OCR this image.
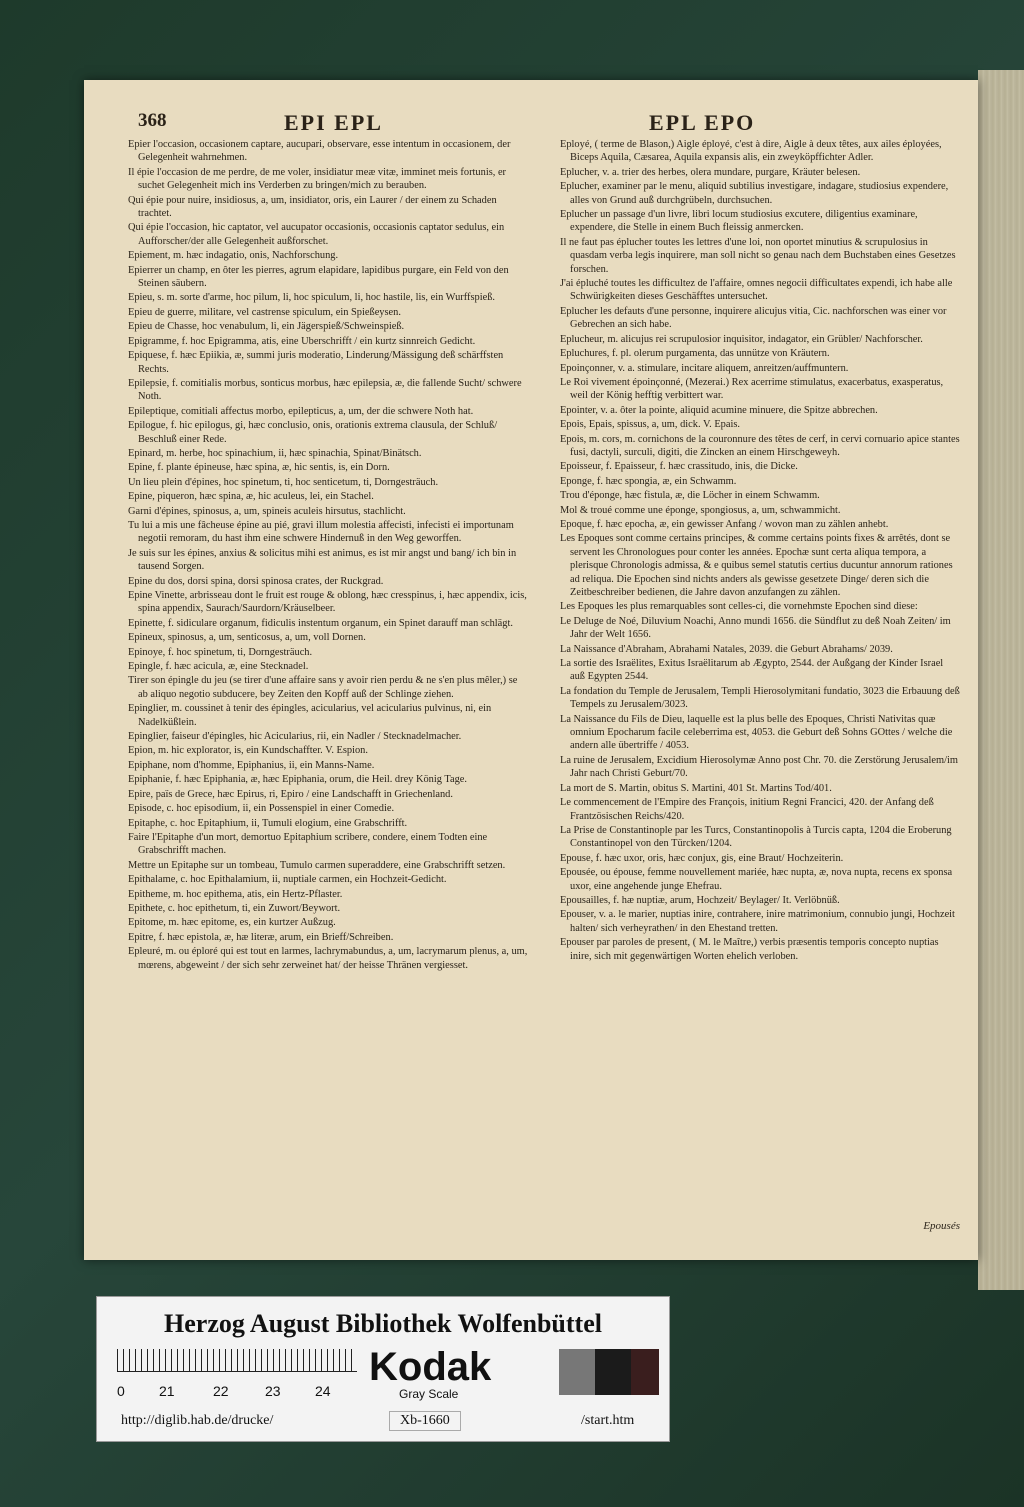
368	EPI EPL	EPL EPO
Epier l'occasion, occasionem captare, aucupari, observare, esse intentum in occasionem, der Gelegenheit wahrnehmen.
Il épie l'occasion de me perdre, de me voler, insidiatur meæ vitæ, imminet meis fortunis, er suchet Gelegenheit mich ins Verderben zu bringen/mich zu berauben.
Qui épie pour nuire, insidiosus, a, um, insidiator, oris, ein Laurer / der einem zu Schaden trachtet.
Qui épie l'occasion, hic captator, vel aucupator occasionis, occasionis captator sedulus, ein Aufforscher/der alle Gelegenheit außforschet.
Epiement, m. hæc indagatio, onis, Nachforschung.
Epierrer un champ, en ôter les pierres, agrum elapidare, lapidibus purgare, ein Feld von den Steinen säubern.
Epieu, s. m. sorte d'arme, hoc pilum, li, hoc spiculum, li, hoc hastile, lis, ein Wurffspieß.
Epieu de guerre, militare, vel castrense spiculum, ein Spießeysen.
Epieu de Chasse, hoc venabulum, li, ein Jägerspieß/Schweinspieß.
Epigramme, f. hoc Epigramma, atis, eine Uberschrifft / ein kurtz sinnreich Gedicht.
Epiquese, f. hæc Epiikia, æ, summi juris moderatio, Linderung/Mässigung deß schärffsten Rechts.
Epilepsie, f. comitialis morbus, sonticus morbus, hæc epilepsia, æ, die fallende Sucht/ schwere Noth.
Epileptique, comitiali affectus morbo, epilepticus, a, um, der die schwere Noth hat.
Epilogue, f. hic epilogus, gi, hæc conclusio, onis, orationis extrema clausula, der Schluß/ Beschluß einer Rede.
Epinard, m. herbe, hoc spinachium, ii, hæc spinachia, Spinat/Binätsch.
Epine, f. plante épineuse, hæc spina, æ, hic sentis, is, ein Dorn.
Un lieu plein d'épines, hoc spinetum, ti, hoc senticetum, ti, Dorngesträuch.
Epine, piqueron, hæc spina, æ, hic aculeus, lei, ein Stachel.
Garni d'épines, spinosus, a, um, spineis aculeis hirsutus, stachlicht.
Tu lui a mis une fâcheuse épine au pié, gravi illum molestia affecisti, infecisti ei importunam negotii remoram, du hast ihm eine schwere Hindernuß in den Weg geworffen.
Je suis sur les épines, anxius & solicitus mihi est animus, es ist mir angst und bang/ ich bin in tausend Sorgen.
Epine du dos, dorsi spina, dorsi spinosa crates, der Ruckgrad.
Epine Vinette, arbrisseau dont le fruit est rouge & oblong, hæc cresspinus, i, hæc appendix, icis, spina appendix, Saurach/Saurdorn/Kräuselbeer.
Epinette, f. sidiculare organum, fidiculis instentum organum, ein Spinet darauff man schlägt.
Epineux, spinosus, a, um, senticosus, a, um, voll Dornen.
Epinoye, f. hoc spinetum, ti, Dorngesträuch.
Epingle, f. hæc acicula, æ, eine Stecknadel.
Tirer son épingle du jeu (se tirer d'une affaire sans y avoir rien perdu & ne s'en plus mêler,) se ab aliquo negotio subducere, bey Zeiten den Kopff auß der Schlinge ziehen.
Epinglier, m. coussinet à tenir des épingles, acicularius, vel acicularius pulvinus, ni, ein Nadelküßlein.
Epinglier, faiseur d'épingles, hic Acicularius, rii, ein Nadler / Stecknadelmacher.
Epion, m. hic explorator, is, ein Kundschaffter. V. Espion.
Epiphane, nom d'homme, Epiphanius, ii, ein Manns-Name.
Epiphanie, f. hæc Epiphania, æ, hæc Epiphania, orum, die Heil. drey König Tage.
Epire, païs de Grece, hæc Epirus, ri, Epiro / eine Landschafft in Griechenland.
Episode, c. hoc episodium, ii, ein Possenspiel in einer Comedie.
Epitaphe, c. hoc Epitaphium, ii, Tumuli elogium, eine Grabschrifft.
Faire l'Epitaphe d'un mort, demortuo Epitaphium scribere, condere, einem Todten eine Grabschrifft machen.
Mettre un Epitaphe sur un tombeau, Tumulo carmen superaddere, eine Grabschrifft setzen.
Epithalame, c. hoc Epithalamium, ii, nuptiale carmen, ein Hochzeit-Gedicht.
Epitheme, m. hoc epithema, atis, ein Hertz-Pflaster.
Epithete, c. hoc epithetum, ti, ein Zuwort/Beywort.
Epitome, m. hæc epitome, es, ein kurtzer Außzug.
Epitre, f. hæc epistola, æ, hæ literæ, arum, ein Brieff/Schreiben.
Epleuré, m. ou éploré qui est tout en larmes, lachrymabundus, a, um, lacrymarum plenus, a, um, mœrens, abgeweint / der sich sehr zerweinet hat/ der heisse Thränen vergiesset.
Eployé, ( terme de Blason,) Aigle éployé, c'est à dire, Aigle à deux têtes, aux ailes éployées, Biceps Aquila, Cæsarea, Aquila expansis alis, ein zweyköpffichter Adler.
Eplucher, v. a. trier des herbes, olera mundare, purgare, Kräuter belesen.
Eplucher, examiner par le menu, aliquid subtilius investigare, indagare, studiosius expendere, alles von Grund auß durchgrübeln, durchsuchen.
Eplucher un passage d'un livre, libri locum studiosius excutere, diligentius examinare, expendere, die Stelle in einem Buch fleissig anmercken.
Il ne faut pas éplucher toutes les lettres d'une loi, non oportet minutius & scrupulosius in quasdam verba legis inquirere, man soll nicht so genau nach dem Buchstaben eines Gesetzes forschen.
J'ai épluché toutes les difficultez de l'affaire, omnes negocii difficultates expendi, ich habe alle Schwürigkeiten dieses Geschäfftes untersuchet.
Eplucher les defauts d'une personne, inquirere alicujus vitia, Cic. nachforschen was einer vor Gebrechen an sich habe.
Eplucheur, m. alicujus rei scrupulosior inquisitor, indagator, ein Grübler/ Nachforscher.
Epluchures, f. pl. olerum purgamenta, das unnütze von Kräutern.
Epoinçonner, v. a. stimulare, incitare aliquem, anreitzen/auffmuntern.
Le Roi vivement époinçonné, (Mezerai.) Rex acerrime stimulatus, exacerbatus, exasperatus, weil der König hefftig verbittert war.
Epointer, v. a. ôter la pointe, aliquid acumine minuere, die Spitze abbrechen.
Epois, Epais, spissus, a, um, dick. V. Epais.
Epois, m. cors, m. cornichons de la couronnure des têtes de cerf, in cervi cornuario apice stantes fusi, dactyli, surculi, digiti, die Zincken an einem Hirschgeweyh.
Epoisseur, f. Epaisseur, f. hæc crassitudo, inis, die Dicke.
Eponge, f. hæc spongia, æ, ein Schwamm.
Trou d'éponge, hæc fistula, æ, die Löcher in einem Schwamm.
Mol & troué comme une éponge, spongiosus, a, um, schwammicht.
Epoque, f. hæc epocha, æ, ein gewisser Anfang / wovon man zu zählen anhebt.
Les Epoques sont comme certains principes, & comme certains points fixes & arrêtés, dont se servent les Chronologues pour conter les années. Epochæ sunt certa aliqua tempora, a plerisque Chronologis admissa, & e quibus semel statutis certius ducuntur annorum rationes ad reliqua. Die Epochen sind nichts anders als gewisse gesetzete Dinge/ deren sich die Zeitbeschreiber bedienen, die Jahre davon anzufangen zu zählen.
Les Epoques les plus remarquables sont celles-ci, die vornehmste Epochen sind diese:
Le Deluge de Noé, Diluvium Noachi, Anno mundi 1656. die Sündflut zu deß Noah Zeiten/ im Jahr der Welt 1656.
La Naissance d'Abraham, Abrahami Natales, 2039. die Geburt Abrahams/ 2039.
La sortie des Israëlites, Exitus Israëlitarum ab Ægypto, 2544. der Außgang der Kinder Israel auß Egypten 2544.
La fondation du Temple de Jerusalem, Templi Hierosolymitani fundatio, 3023 die Erbauung deß Tempels zu Jerusalem/3023.
La Naissance du Fils de Dieu, laquelle est la plus belle des Epoques, Christi Nativitas quæ omnium Epocharum facile celeberrima est, 4053. die Geburt deß Sohns GOttes / welche die andern alle übertriffe / 4053.
La ruine de Jerusalem, Excidium Hierosolymæ Anno post Chr. 70. die Zerstörung Jerusalem/im Jahr nach Christi Geburt/70.
La mort de S. Martin, obitus S. Martini, 401 St. Martins Tod/401.
Le commencement de l'Empire des François, initium Regni Francici, 420. der Anfang deß Frantzösischen Reichs/420.
La Prise de Constantinople par les Turcs, Constantinopolis à Turcis capta, 1204 die Eroberung Constantinopel von den Türcken/1204.
Epouse, f. hæc uxor, oris, hæc conjux, gis, eine Braut/ Hochzeiterin.
Epousée, ou épouse, femme nouvellement mariée, hæc nupta, æ, nova nupta, recens ex sponsa uxor, eine angehende junge Ehefrau.
Epousailles, f. hæ nuptiæ, arum, Hochzeit/ Beylager/ It. Verlöbnüß.
Epouser, v. a. le marier, nuptias inire, contrahere, inire matrimonium, connubio jungi, Hochzeit halten/ sich verheyrathen/ in den Ehestand tretten.
Epouser par paroles de present, ( M. le Maître,) verbis præsentis temporis concepto nuptias inire, sich mit gegenwärtigen Worten ehelich verloben.
Epousés
Herzog August Bibliothek Wolfenbüttel
0 21	22	23 24
Kodak
Gray Scale
http://diglib.hab.de/drucke/	Xb-1660	/start.htm
